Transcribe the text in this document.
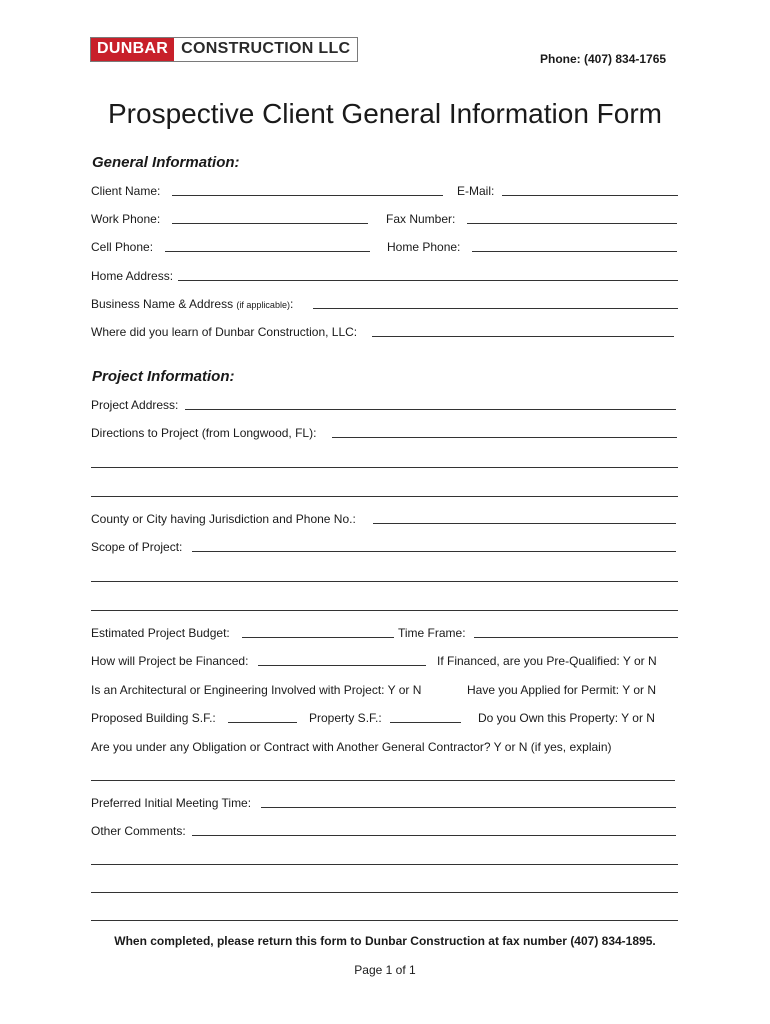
DUNBAR CONSTRUCTION LLC
Phone: (407) 834-1765
Prospective Client General Information Form
General Information:
Client Name:	E-Mail:
Work Phone:	Fax Number:
Cell Phone:	Home Phone:
Home Address:
Business Name & Address (if applicable):
Where did you learn of Dunbar Construction, LLC:
Project Information:
Project Address:
Directions to Project (from Longwood, FL):
County or City having Jurisdiction and Phone No.:
Scope of Project:
Estimated Project Budget:	Time Frame:
How will Project be Financed:	If Financed, are you Pre-Qualified: Y or N
Is an Architectural or Engineering Involved with Project: Y or N	Have you Applied for Permit: Y or N
Proposed Building S.F.:	Property S.F.:	Do you Own this Property: Y or N
Are you under any Obligation or Contract with Another General Contractor? Y or N (if yes, explain)
Preferred Initial Meeting Time:
Other Comments:
When completed, please return this form to Dunbar Construction at fax number (407) 834-1895.
Page 1 of 1
